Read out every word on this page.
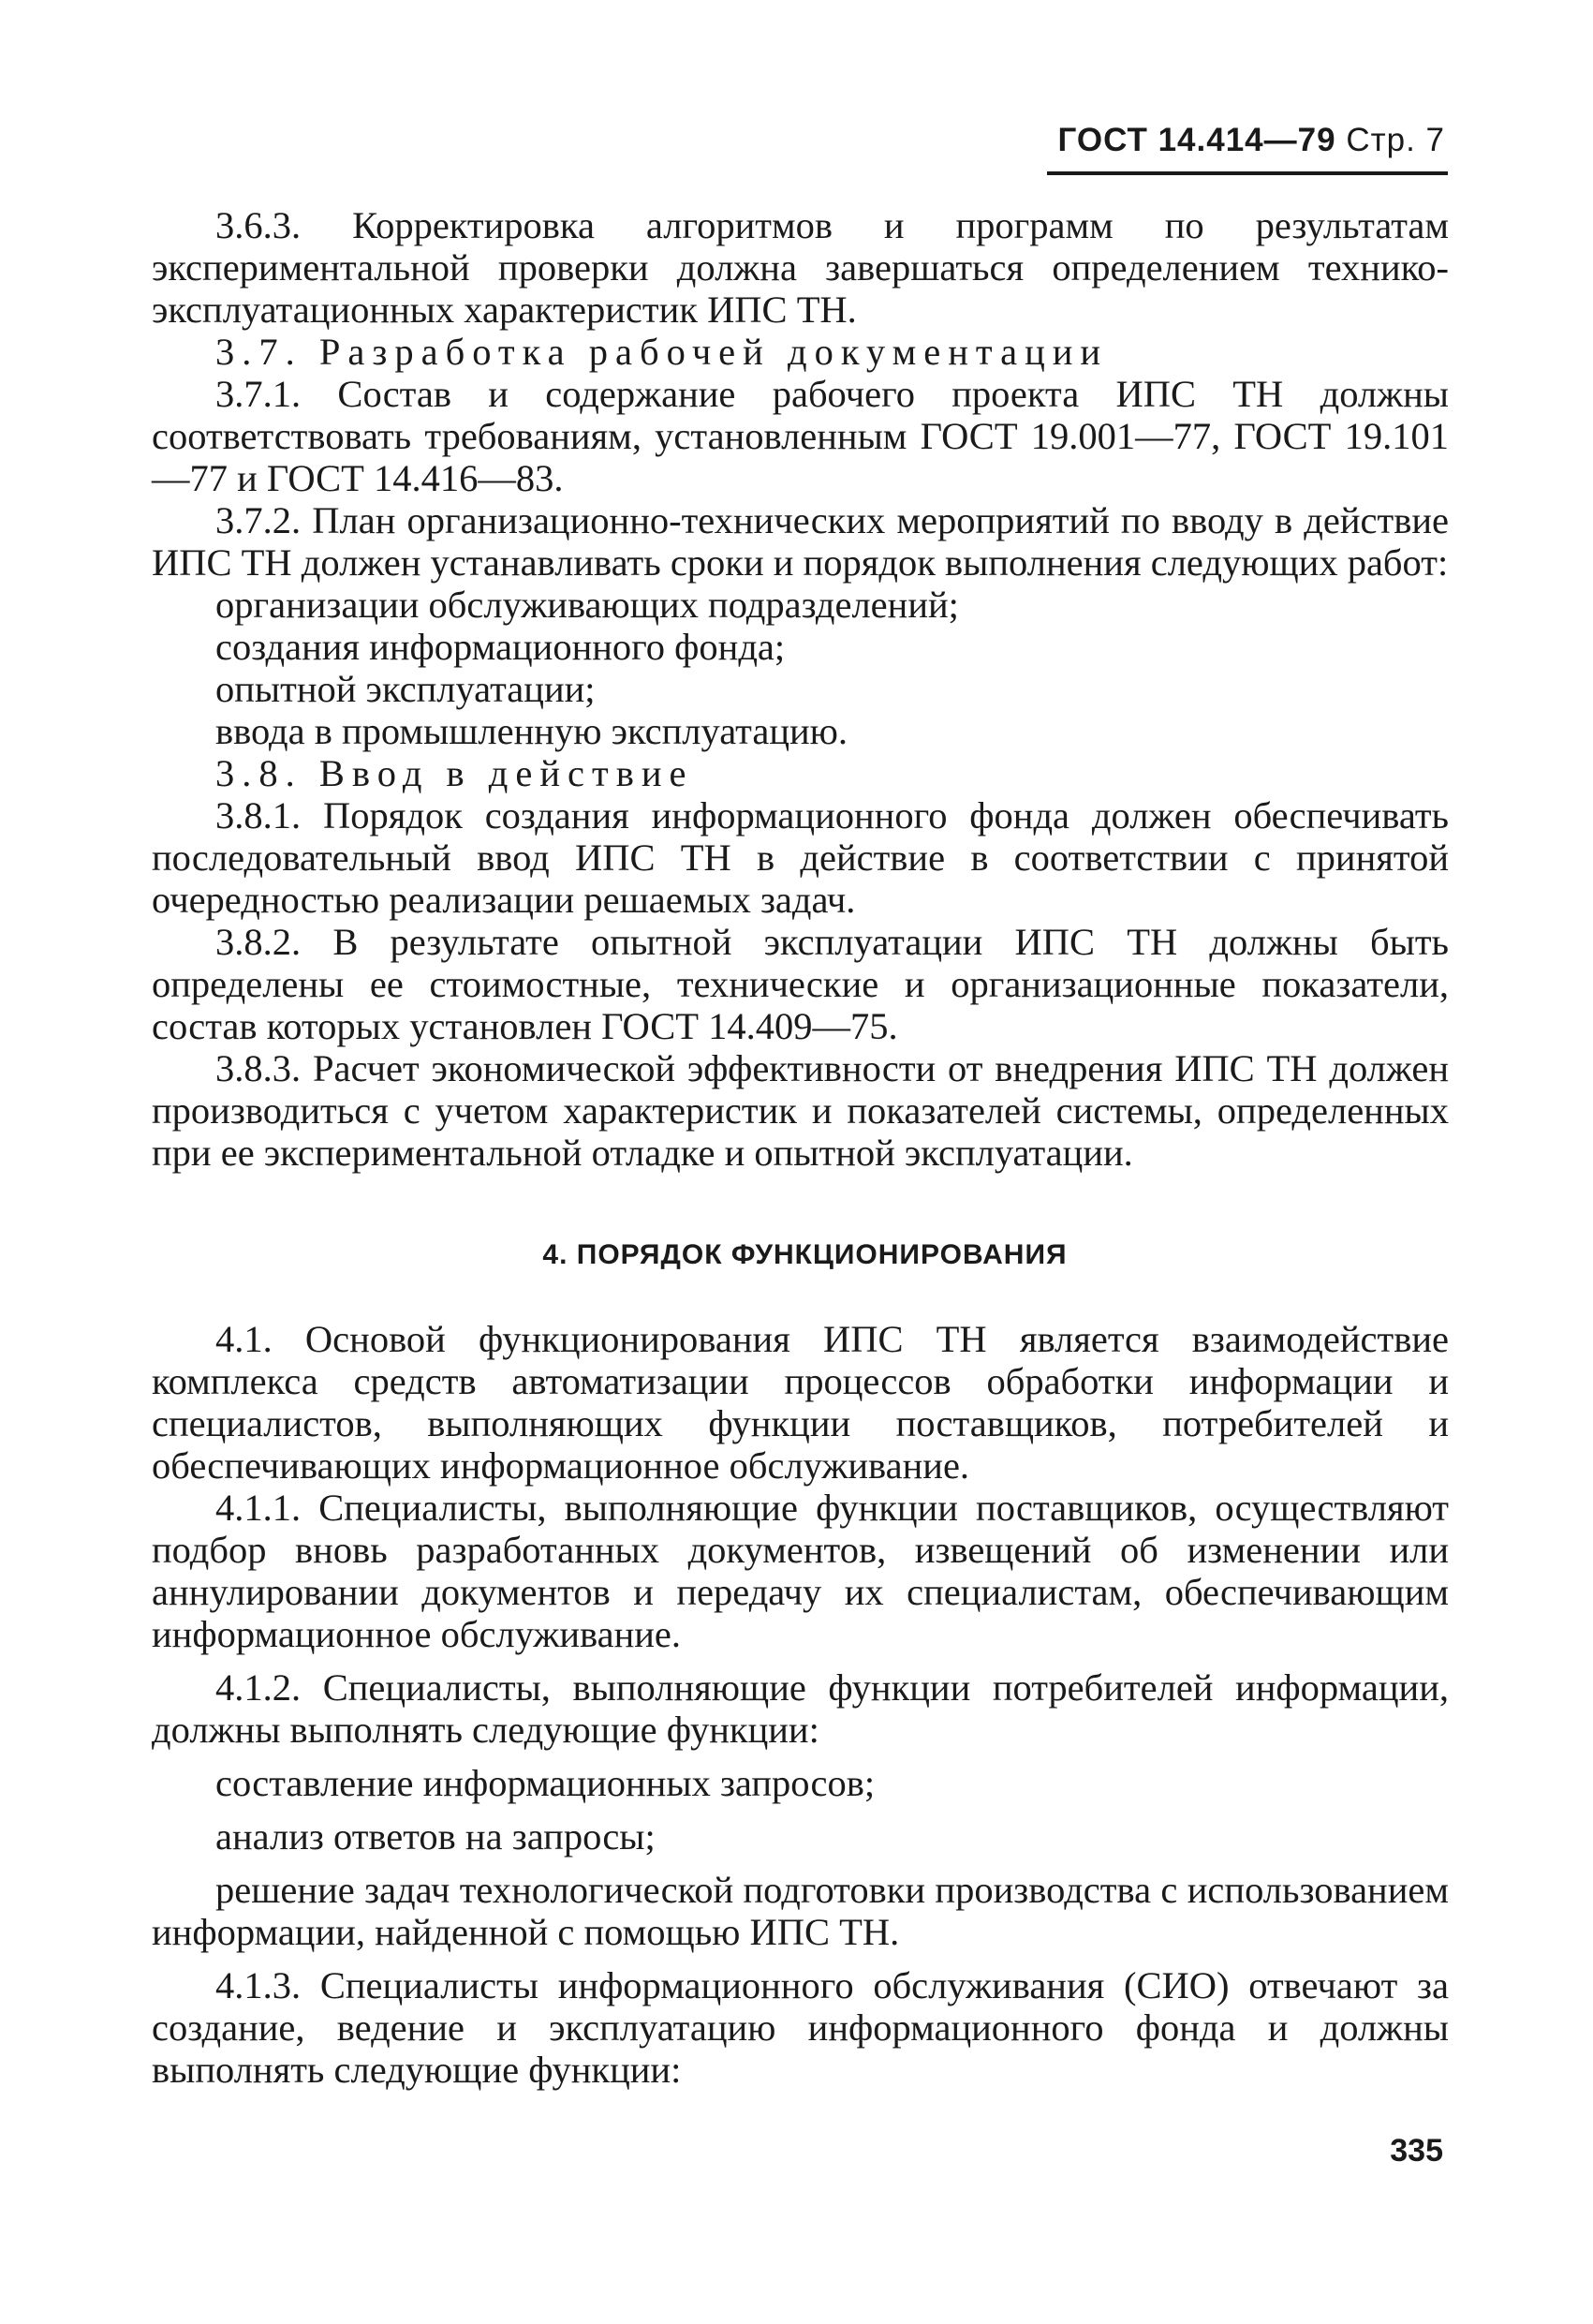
ГОСТ 14.414—79 Стр. 7

3.6.3. Корректировка алгоритмов и программ по результатам экспериментальной проверки должна завершаться определением технико-эксплуатационных характеристик ИПС ТН.

3.7. Разработка рабочей документации

3.7.1. Состав и содержание рабочего проекта ИПС ТН должны соответствовать требованиям, установленным ГОСТ 19.001—77, ГОСТ 19.101—77 и ГОСТ 14.416—83.

3.7.2. План организационно-технических мероприятий по вводу в действие ИПС ТН должен устанавливать сроки и порядок выполнения следующих работ:

организации обслуживающих подразделений;

создания информационного фонда;

опытной эксплуатации;

ввода в промышленную эксплуатацию.

3.8. Ввод в действие

3.8.1. Порядок создания информационного фонда должен обеспечивать последовательный ввод ИПС ТН в действие в соответствии с принятой очередностью реализации решаемых задач.

3.8.2. В результате опытной эксплуатации ИПС ТН должны быть определены ее стоимостные, технические и организационные показатели, состав которых установлен ГОСТ 14.409—75.

3.8.3. Расчет экономической эффективности от внедрения ИПС ТН должен производиться с учетом характеристик и показателей системы, определенных при ее экспериментальной отладке и опытной эксплуатации.

4. ПОРЯДОК ФУНКЦИОНИРОВАНИЯ

4.1. Основой функционирования ИПС ТН является взаимодействие комплекса средств автоматизации процессов обработки информации и специалистов, выполняющих функции поставщиков, потребителей и обеспечивающих информационное обслуживание.

4.1.1. Специалисты, выполняющие функции поставщиков, осуществляют подбор вновь разработанных документов, извещений об изменении или аннулировании документов и передачу их специалистам, обеспечивающим информационное обслуживание.

4.1.2. Специалисты, выполняющие функции потребителей информации, должны выполнять следующие функции:

составление информационных запросов;

анализ ответов на запросы;

решение задач технологической подготовки производства с использованием информации, найденной с помощью ИПС ТН.

4.1.3. Специалисты информационного обслуживания (СИО) отвечают за создание, ведение и эксплуатацию информационного фонда и должны выполнять следующие функции:

335
